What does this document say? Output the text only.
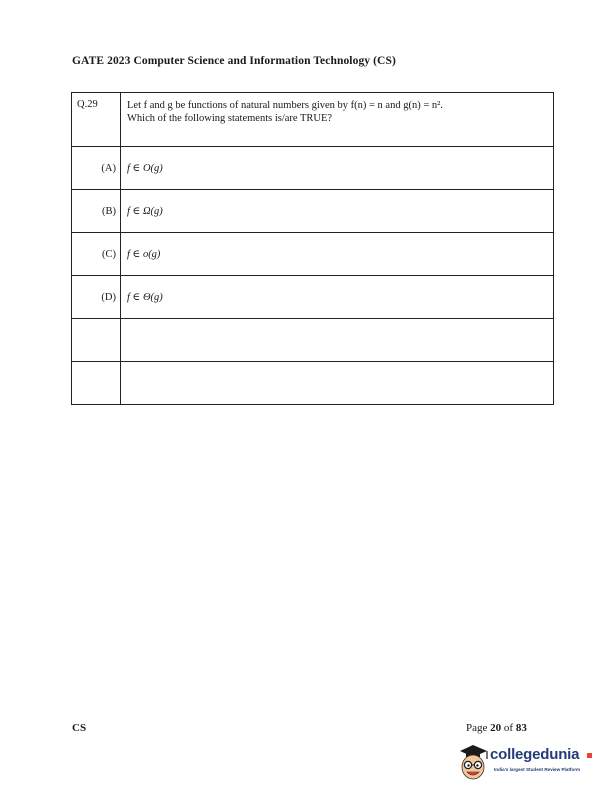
GATE 2023 Computer Science and Information Technology (CS)
Q.29	Let f and g be functions of natural numbers given by f(n) = n and g(n) = n².
Which of the following statements is/are TRUE?

(A)	f ∈ O(g)
(B)	f ∈ Ω(g)
(C)	f ∈ o(g)
(D)	f ∈ Θ(g)

CS	Page 20 of 83
collegedunia
India's largest Student Review Platform
